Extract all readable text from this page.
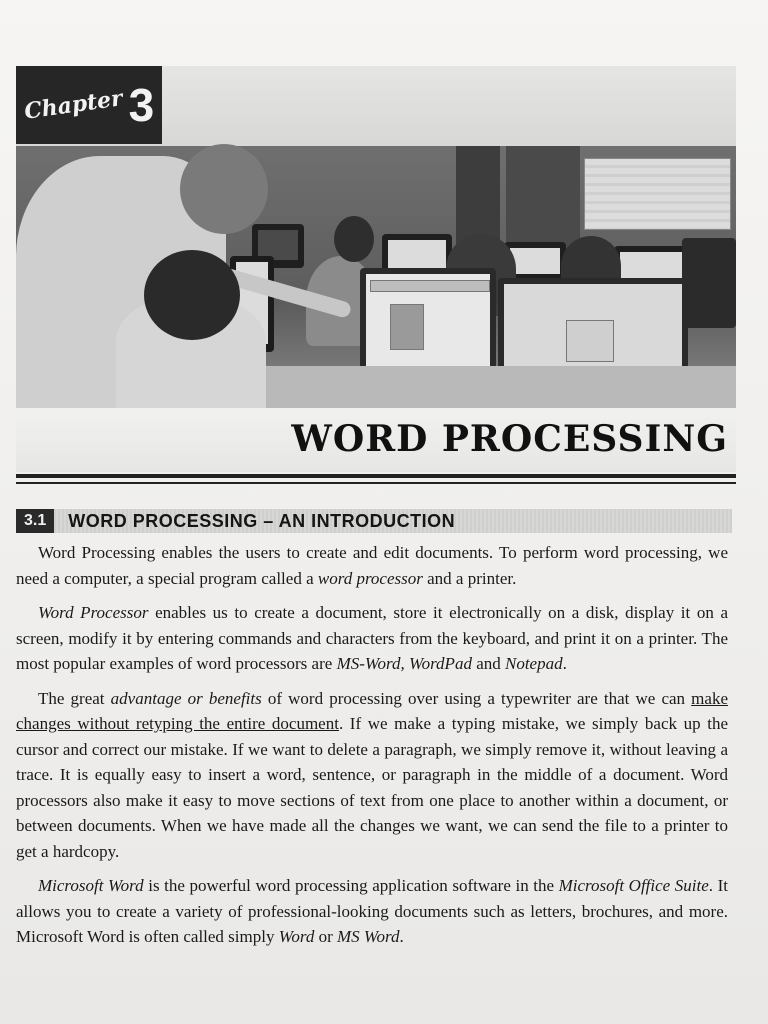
Chapter 3
WORD PROCESSING
3.1	WORD PROCESSING – AN INTRODUCTION

Word Processing enables the users to create and edit documents. To perform word processing, we need a computer, a special program called a word processor and a printer.

Word Processor enables us to create a document, store it electronically on a disk, display it on a screen, modify it by entering commands and characters from the keyboard, and print it on a printer. The most popular examples of word processors are MS-Word, WordPad and Notepad.

The great advantage or benefits of word processing over using a typewriter are that we can make changes without retyping the entire document. If we make a typing mistake, we simply back up the cursor and correct our mistake. If we want to delete a paragraph, we simply remove it, without leaving a trace. It is equally easy to insert a word, sentence, or paragraph in the middle of a document. Word processors also make it easy to move sections of text from one place to another within a document, or between documents. When we have made all the changes we want, we can send the file to a printer to get a hardcopy.

Microsoft Word is the powerful word processing application software in the Microsoft Office Suite. It allows you to create a variety of professional-looking documents such as letters, brochures, and more. Microsoft Word is often called simply Word or MS Word.
